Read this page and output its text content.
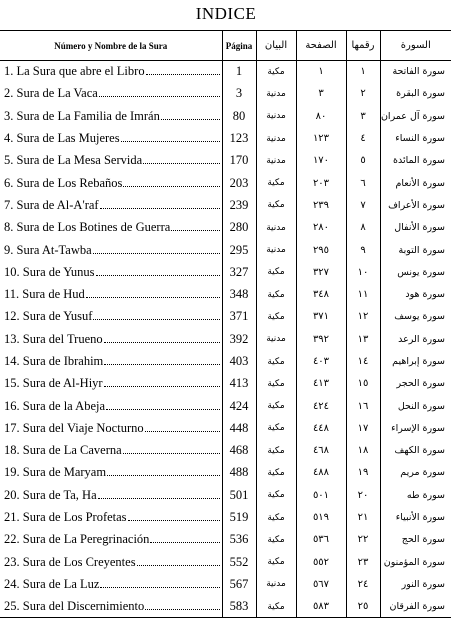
INDICE
Número y Nombre de la Sura	Página	البيان	الصفحة	رقمها	السورة

1. La Sura que abre el Libro	1	مكية	١	١	سورة الفاتحة

2. Sura de La Vaca	3	مدنية	٣	٢	سورة البقرة

3. Sura de La Familia de Imrán	80	مدنية	٨٠	٣	سورة آل عمران

4. Sura de Las Mujeres	123	مدنية	١٢٣	٤	سورة النساء

5. Sura de La Mesa Servida	170	مدنية	١٧٠	٥	سورة المائدة

6. Sura de Los Rebaños	203	مكية	٢٠٣	٦	سورة الأنعام

7. Sura de Al-A'raf	239	مكية	٢٣٩	٧	سورة الأعراف

8. Sura de Los Botines de Guerra	280	مدنية	٢٨٠	٨	سورة الأنفال

9. Sura At-Tawba	295	مدنية	٢٩٥	٩	سورة التوبة

10. Sura de Yunus	327	مكية	٣٢٧	١٠	سورة يونس

11. Sura de Hud	348	مكية	٣٤٨	١١	سورة هود

12. Sura de Yusuf	371	مكية	٣٧١	١٢	سورة يوسف

13. Sura del Trueno	392	مدنية	٣٩٢	١٣	سورة الرعد

14. Sura de Ibrahim	403	مكية	٤٠٣	١٤	سورة إبراهيم

15. Sura de Al-Hiyr	413	مكية	٤١٣	١٥	سورة الحجر

16. Sura de la Abeja	424	مكية	٤٢٤	١٦	سورة النحل

17. Sura del Viaje Nocturno	448	مكية	٤٤٨	١٧	سورة الإسراء

18. Sura de La Caverna	468	مكية	٤٦٨	١٨	سورة الكهف

19. Sura de Maryam	488	مكية	٤٨٨	١٩	سورة مريم

20. Sura de Ta, Ha	501	مكية	٥٠١	٢٠	سورة طه

21. Sura de Los Profetas	519	مكية	٥١٩	٢١	سورة الأنبياء

22. Sura de La Peregrinación	536	مكية	٥٣٦	٢٢	سورة الحج

23. Sura de Los Creyentes	552	مكية	٥٥٢	٢٣	سورة المؤمنون

24. Sura de La Luz	567	مدنية	٥٦٧	٢٤	سورة النور

25. Sura del Discernimiento	583	مكية	٥٨٣	٢٥	سورة الفرقان
